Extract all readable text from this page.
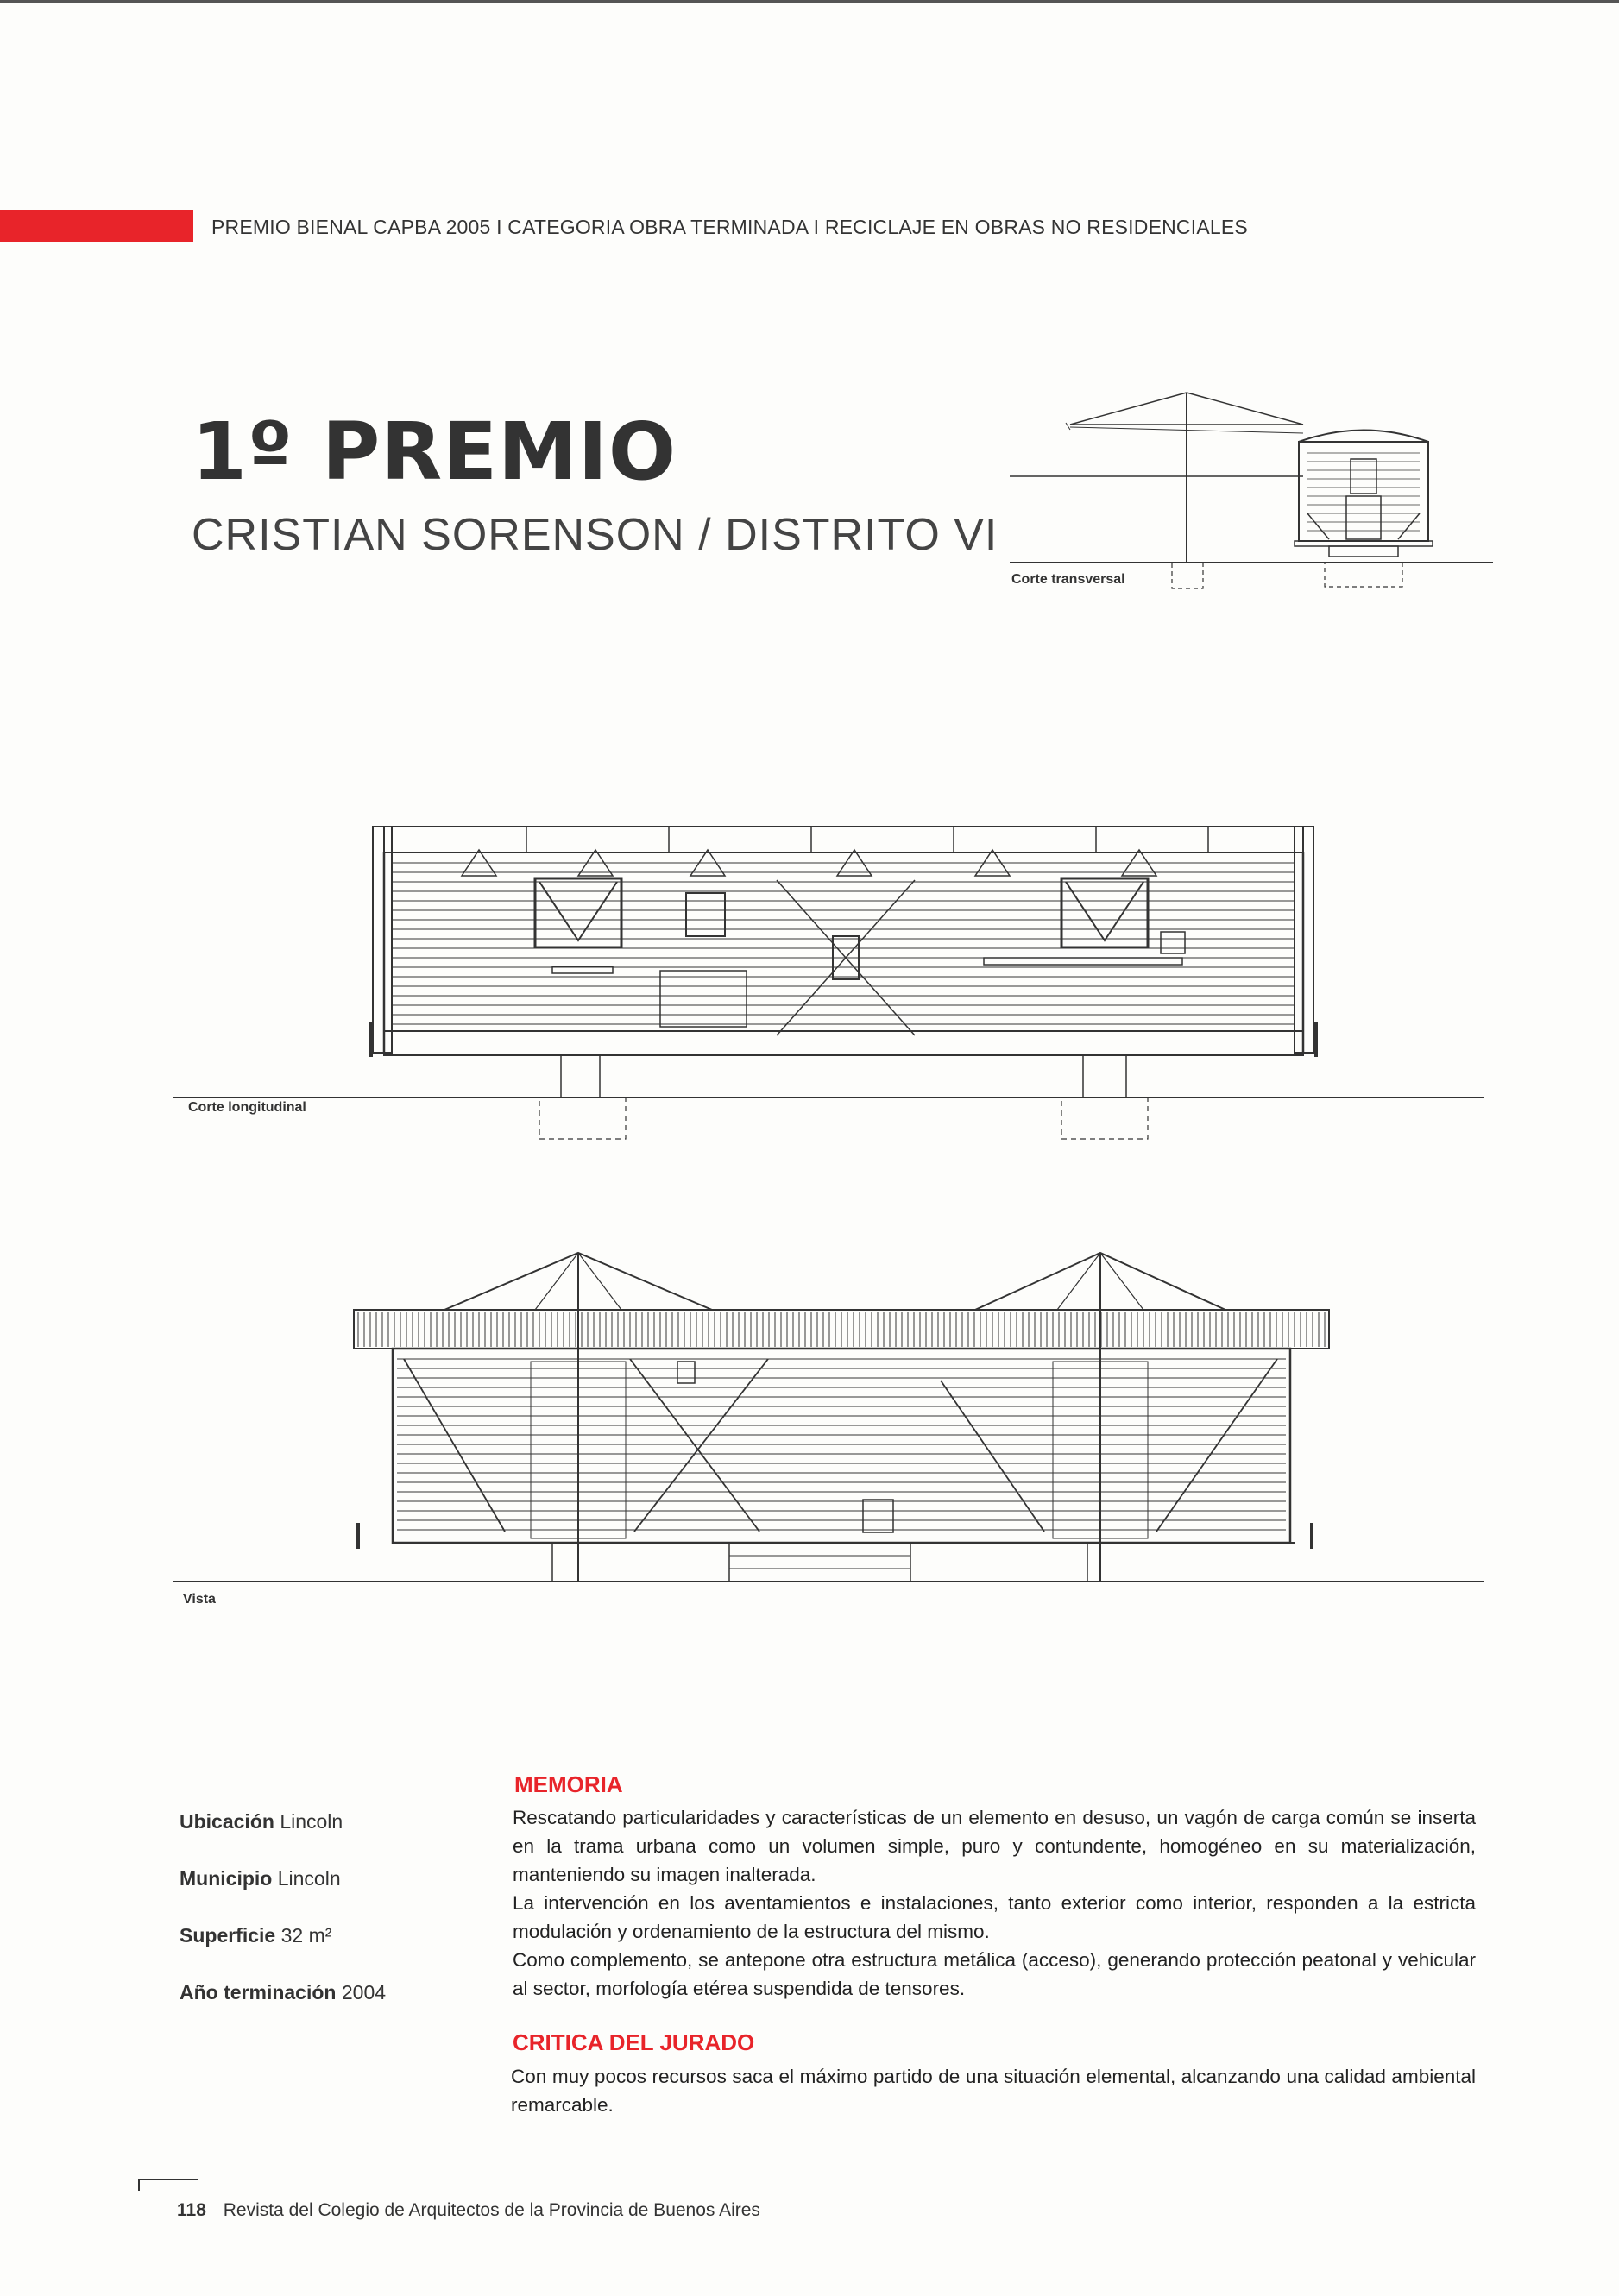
PREMIO BIENAL CAPBA 2005 I CATEGORIA OBRA TERMINADA I RECICLAJE EN OBRAS NO RESIDENCIALES
1º PREMIO
CRISTIAN SORENSON / DISTRITO VI
Corte transversal
Corte longitudinal
Vista
Ubicación Lincoln
Municipio Lincoln
Superficie 32 m²
Año terminación 2004
MEMORIA

Rescatando particularidades y características de un elemento en desuso, un vagón de carga común se inserta en la trama urbana como un volumen simple, puro y contundente, homogéneo en su materialización, manteniendo su imagen inalterada.

La intervención en los aventamientos e instalaciones, tanto exterior como interior, responden a la estricta modulación y ordenamiento de la estructura del mismo.

Como complemento, se antepone otra estructura metálica (acceso), generando protección peatonal y vehicular al sector, morfología etérea suspendida de tensores.

CRITICA DEL JURADO

Con muy pocos recursos saca el máximo partido de una situación elemental, alcanzando una calidad ambiental remarcable.

118 Revista del Colegio de Arquitectos de la Provincia de Buenos Aires
